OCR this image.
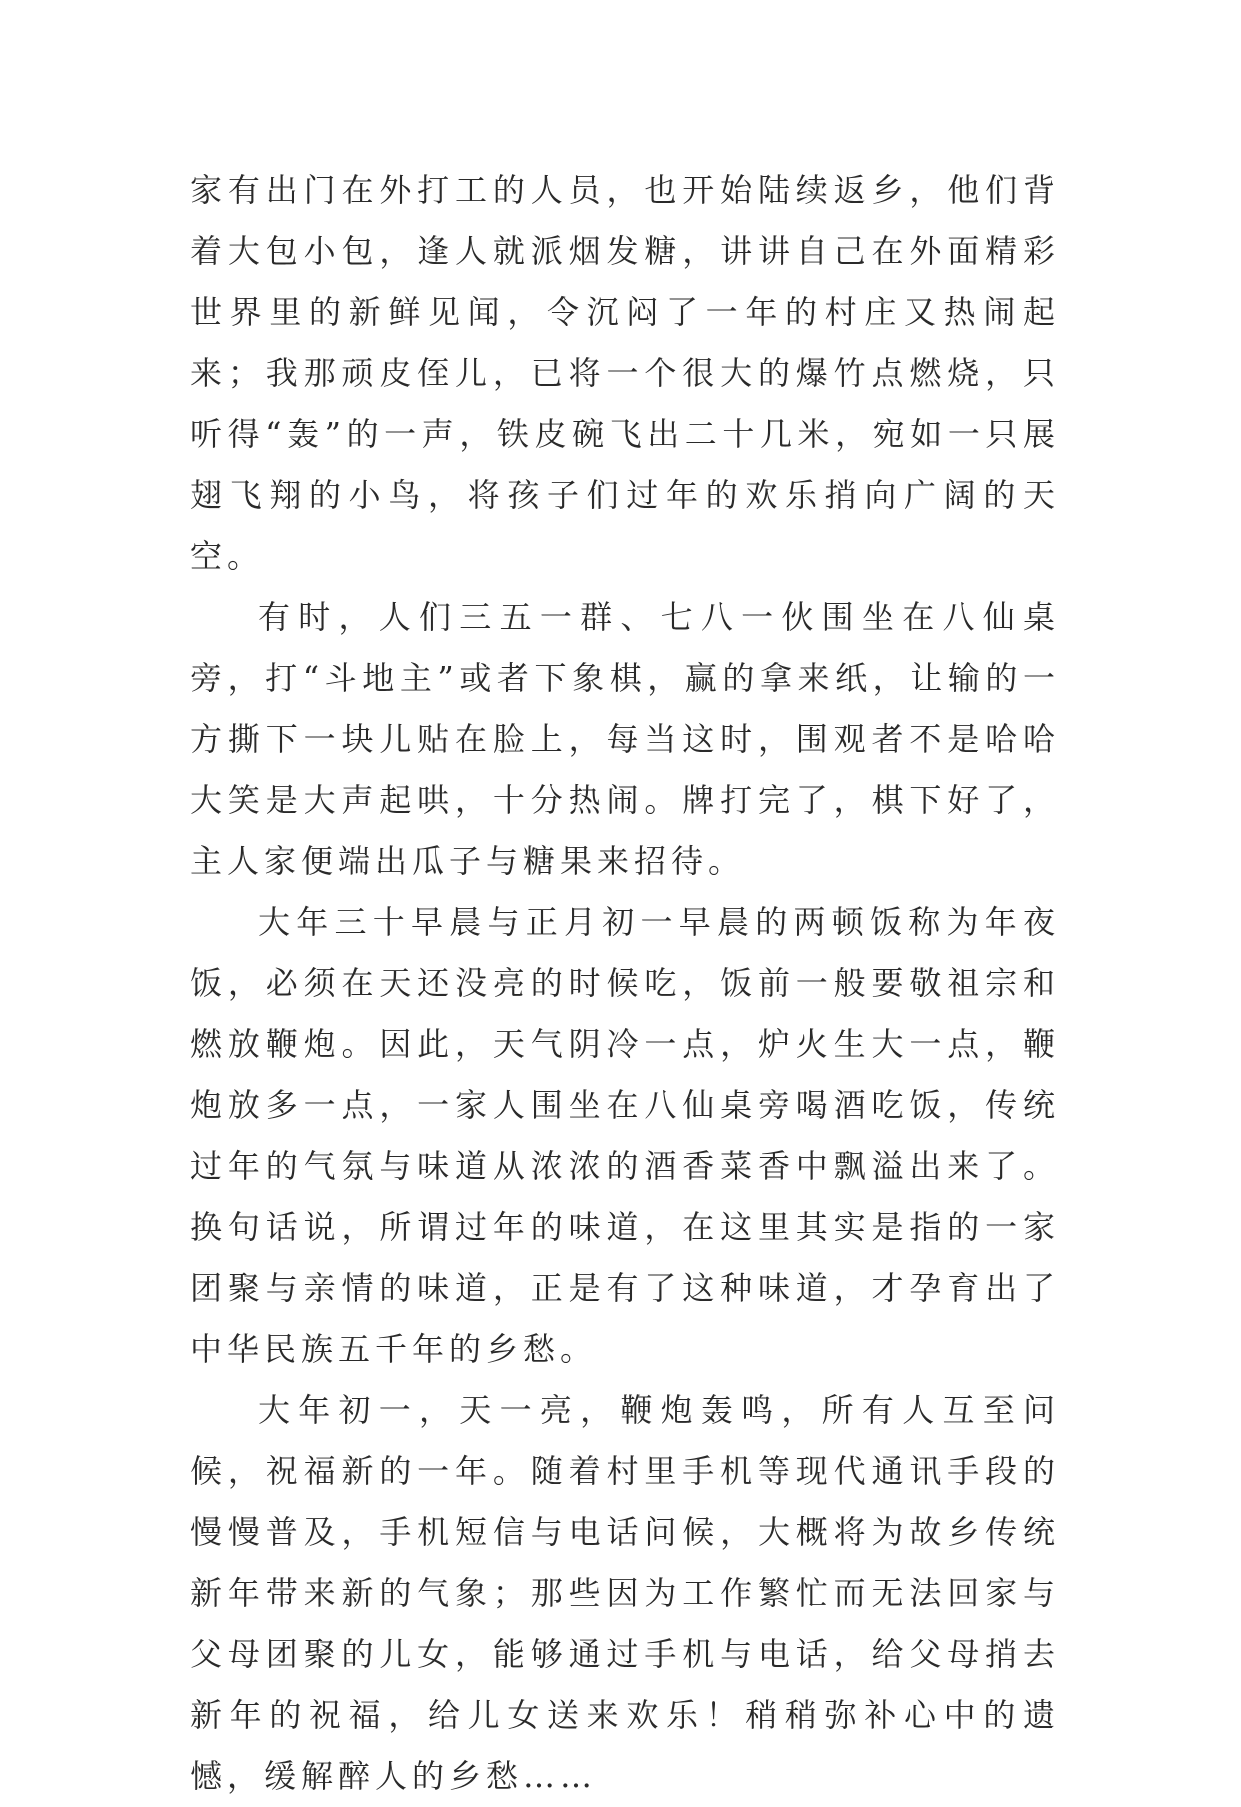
家有出门在外打工的人员，也开始陆续返乡，他们背着大包小包，逢人就派烟发糖，讲讲自己在外面精彩世界里的新鲜见闻，令沉闷了一年的村庄又热闹起来；我那顽皮侄儿，已将一个很大的爆竹点燃烧，只听得“轰”的一声，铁皮碗飞出二十几米，宛如一只展翅飞翔的小鸟，将孩子们过年的欢乐捎向广阔的天空。

有时，人们三五一群、七八一伙围坐在八仙桌旁，打“斗地主”或者下象棋，赢的拿来纸，让输的一方撕下一块儿贴在脸上，每当这时，围观者不是哈哈大笑是大声起哄，十分热闹。牌打完了，棋下好了，主人家便端出瓜子与糖果来招待。

大年三十早晨与正月初一早晨的两顿饭称为年夜饭，必须在天还没亮的时候吃，饭前一般要敬祖宗和燃放鞭炮。因此，天气阴冷一点，炉火生大一点，鞭炮放多一点，一家人围坐在八仙桌旁喝酒吃饭，传统过年的气氛与味道从浓浓的酒香菜香中飘溢出来了。换句话说，所谓过年的味道，在这里其实是指的一家团聚与亲情的味道，正是有了这种味道，才孕育出了中华民族五千年的乡愁。

大年初一，天一亮，鞭炮轰鸣，所有人互至问候，祝福新的一年。随着村里手机等现代通讯手段的慢慢普及，手机短信与电话问候，大概将为故乡传统新年带来新的气象；那些因为工作繁忙而无法回家与父母团聚的儿女，能够通过手机与电话，给父母捎去新年的祝福，给儿女送来欢乐！稍稍弥补心中的遗憾，缓解醉人的乡愁……
